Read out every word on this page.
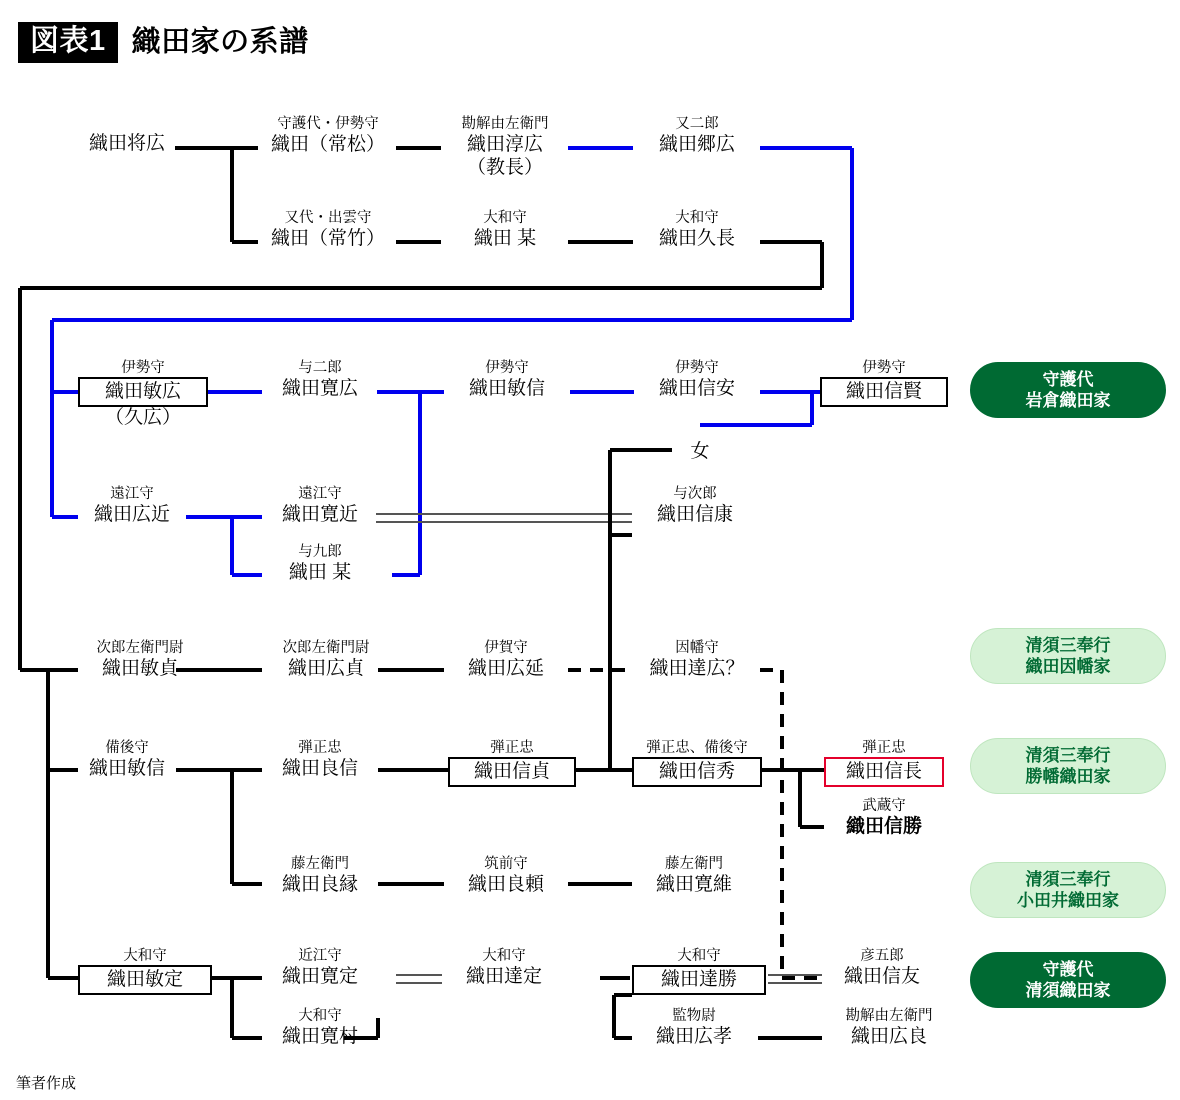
図表1 織田家の系譜
織田将広
守護代・伊勢守
織田（常松）
又代・出雲守
織田（常竹）
勘解由左衛門
織田淳広
（教長）
又二郎
織田郷広
大和守
織田 某
大和守
織田久長
伊勢守
織田敏広
（久広）
与二郎
織田寛広
伊勢守
織田敏信
伊勢守
織田信安
伊勢守
織田信賢
女
遠江守
織田広近
遠江守
織田寛近
与九郎
織田 某
与次郎
織田信康
次郎左衛門尉
織田敏貞
次郎左衛門尉
織田広貞
伊賀守
織田広延
因幡守
織田達広？
備後守
織田敏信
弾正忠
織田良信
弾正忠
織田信貞
弾正忠、備後守
織田信秀
弾正忠
織田信長
武蔵守
織田信勝
藤左衛門
織田良縁
筑前守
織田良頼
藤左衛門
織田寛維
大和守
織田敏定
近江守
織田寛定
大和守
織田寛村
大和守
織田達定
大和守
織田達勝
監物尉
織田広孝
彦五郎
織田信友
勘解由左衛門
織田広良
守護代
岩倉織田家
清須三奉行
織田因幡家
清須三奉行
勝幡織田家
清須三奉行
小田井織田家
守護代
清須織田家
筆者作成
